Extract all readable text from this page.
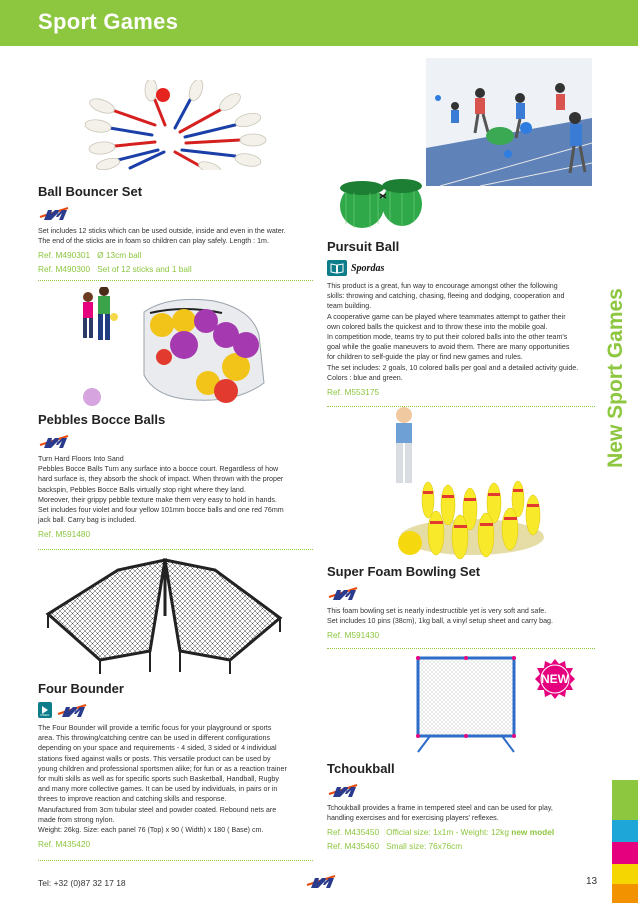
Sport Games
New Sport Games
Ball Bouncer Set

Set includes 12 sticks which can be used outside, inside and even in the water.
The end of the sticks are in foam so children can play safely. Length : 1m.

Ref. M490301 Ø 13cm ball
Ref. M490300 Set of 12 sticks and 1 ball
Pursuit Ball
Spordas

This product is a great, fun way to encourage amongst other the following
skills: throwing and catching, chasing, fleeing and dodging, cooperation and
team building.
A cooperative game can be played where teammates attempt to gather their
own colored balls the quickest and to throw these into the mobile goal.
In competition mode, teams try to put their colored balls into the other team's
goal while the goalie maneuvers to avoid them. There are many opportunities
for children to self-guide the play or find new games and rules.
The set includes: 2 goals, 10 colored balls per goal and a detailed activity guide.
Colors : blue and green.

Ref. M553175
Pebbles Bocce Balls

Turn Hard Floors Into Sand
Pebbles Bocce Balls Turn any surface into a bocce court. Regardless of how
hard surface is, they absorb the shock of impact. When thrown with the proper
backspin, Pebbles Bocce Balls virtually stop right where they land.
Moreover, their grippy pebble texture make them very easy to hold in hands.
Set includes four violet and four yellow 101mm bocce balls and one red 76mm
jack ball. Carry bag is included.

Ref. M591480
Super Foam Bowling Set

This foam bowling set is nearly indestructible yet is very soft and safe.
Set includes 10 pins (38cm), 1kg ball, a vinyl setup sheet and carry bag.

Ref. M591430
Four Bounder
VIDEO

The Four Bounder will provide a terrific focus for your playground or sports
area. This throwing/catching centre can be used in different configurations
depending on your space and requirements - 4 sided, 3 sided or 4 individual
stations fixed against walls or posts. This versatile product can be used by
young children and professional sportsmen alike; for fun or as a reaction trainer
for multi skills as well as for specific sports such Basketball, Handball, Rugby
and many more collective games. It can be used by individuals, in pairs or in
threes to improve reaction and catching skills and response.
Manufactured from 3cm tubular steel and powder coated. Rebound nets are
made from strong nylon.
Weight: 26kg. Size: each panel 76 (Top) x 90 ( Width) x 180 ( Base) cm.

Ref. M435420
NEW
Tchoukball

Tchoukball provides a frame in tempered steel and can be used for play,
handling exercises and for exercising players' reflexes.

Ref. M435450 Official size: 1x1m - Weight: 12kg new model
Ref. M435460 Small size: 76x76cm
Tel: +32 (0)87 32 17 18	13
